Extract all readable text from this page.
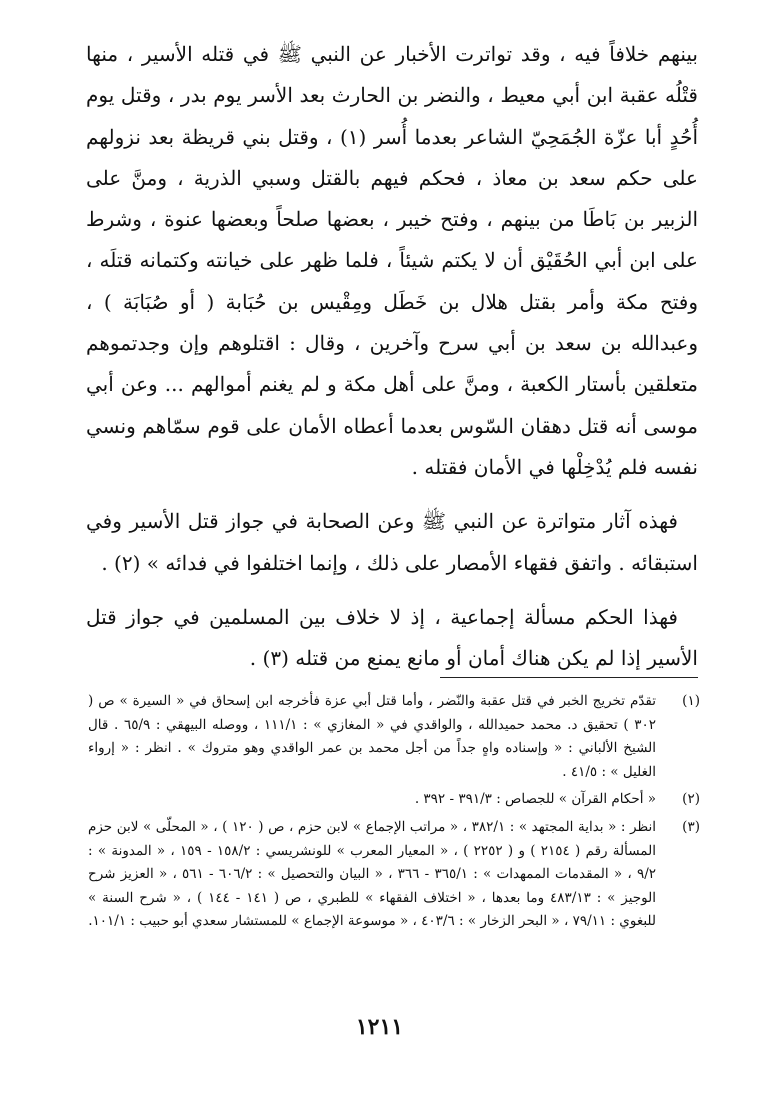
بينهم خلافاً فيه ، وقد تواترت الأخبار عن النبي ﷺ في قتله الأسير ، منها قتْلُه عقبة ابن أبي معيط ، والنضر بن الحارث بعد الأسر يوم بدر ، وقتل يوم أُحُدٍ أبا عزّة الجُمَحِيّ الشاعر بعدما أُسر (١) ، وقتل بني قريظة بعد نزولهم على حكم سعد بن معاذ ، فحكم فيهم بالقتل وسبي الذرية ، ومنَّ على الزبير بن بَاطَا من بينهم ، وفتح خيبر ، بعضها صلحاً وبعضها عنوة ، وشرط على ابن أبي الحُقَيْق أن لا يكتم شيئاً ، فلما ظهر على خيانته وكتمانه قتلَه ، وفتح مكة وأمر بقتل هلال بن خَطَل ومِقْيس بن حُبَابة ( أو صُبَابَة ) ، وعبدالله بن سعد بن أبي سرح وآخرين ، وقال : اقتلوهم وإن وجدتموهم متعلقين بأستار الكعبة ، ومنَّ على أهل مكة و لم يغنم أموالهم ... وعن أبي موسى أنه قتل دهقان السّوس بعدما أعطاه الأمان على قوم سمّاهم ونسي نفسه فلم يُدْخِلْها في الأمان فقتله .

فهذه آثار متواترة عن النبي ﷺ وعن الصحابة في جواز قتل الأسير وفي استبقائه . واتفق فقهاء الأمصار على ذلك ، وإنما اختلفوا في فدائه » (٢) .

فهذا الحكم مسألة إجماعية ، إذ لا خلاف بين المسلمين في جواز قتل الأسير إذا لم يكن هناك أمان أو مانع يمنع من قتله (٣) .

(١)
تقدّم تخريج الخبر في قتل عقبة والنّضر ، وأما قتل أبي عزة فأخرجه ابن إسحاق في « السيرة » ص ( ٣٠٢ ) تحقيق د. محمد حميدالله ، والواقدي في « المغازي » : ١١١/١ ، ووصله البيهقي : ٦٥/٩ . قال الشيخ الألباني : « وإسناده واهٍ جداً من أجل محمد بن عمر الواقدي وهو متروك » . انظر : « إرواء الغليل » : ٤١/٥ .
(٢)
« أحكام القرآن » للجصاص : ٣٩١/٣ - ٣٩٢ .
(٣)
انظر : « بداية المجتهد » : ٣٨٢/١ ، « مراتب الإجماع » لابن حزم ، ص ( ١٢٠ ) ، « المحلّى » لابن حزم المسألة رقم ( ٢١٥٤ ) و ( ٢٢٥٢ ) ، « المعيار المعرب » للونشريسي : ١٥٨/٢ - ١٥٩ ، « المدونة » : ٩/٢ ، « المقدمات الممهدات » : ٣٦٥/١ - ٣٦٦ ، « البيان والتحصيل » : ٦٠٦/٢ - ٥٦١ ، « العزيز شرح الوجيز » : ٤٨٣/١٣ وما بعدها ، « اختلاف الفقهاء » للطبري ، ص ( ١٤١ - ١٤٤ ) ، « شرح السنة » للبغوي : ٧٩/١١ ، « البحر الزخار » : ٤٠٣/٦ ، « موسوعة الإجماع » للمستشار سعدي أبو حبيب : ١٠١/١.
١٢١١
